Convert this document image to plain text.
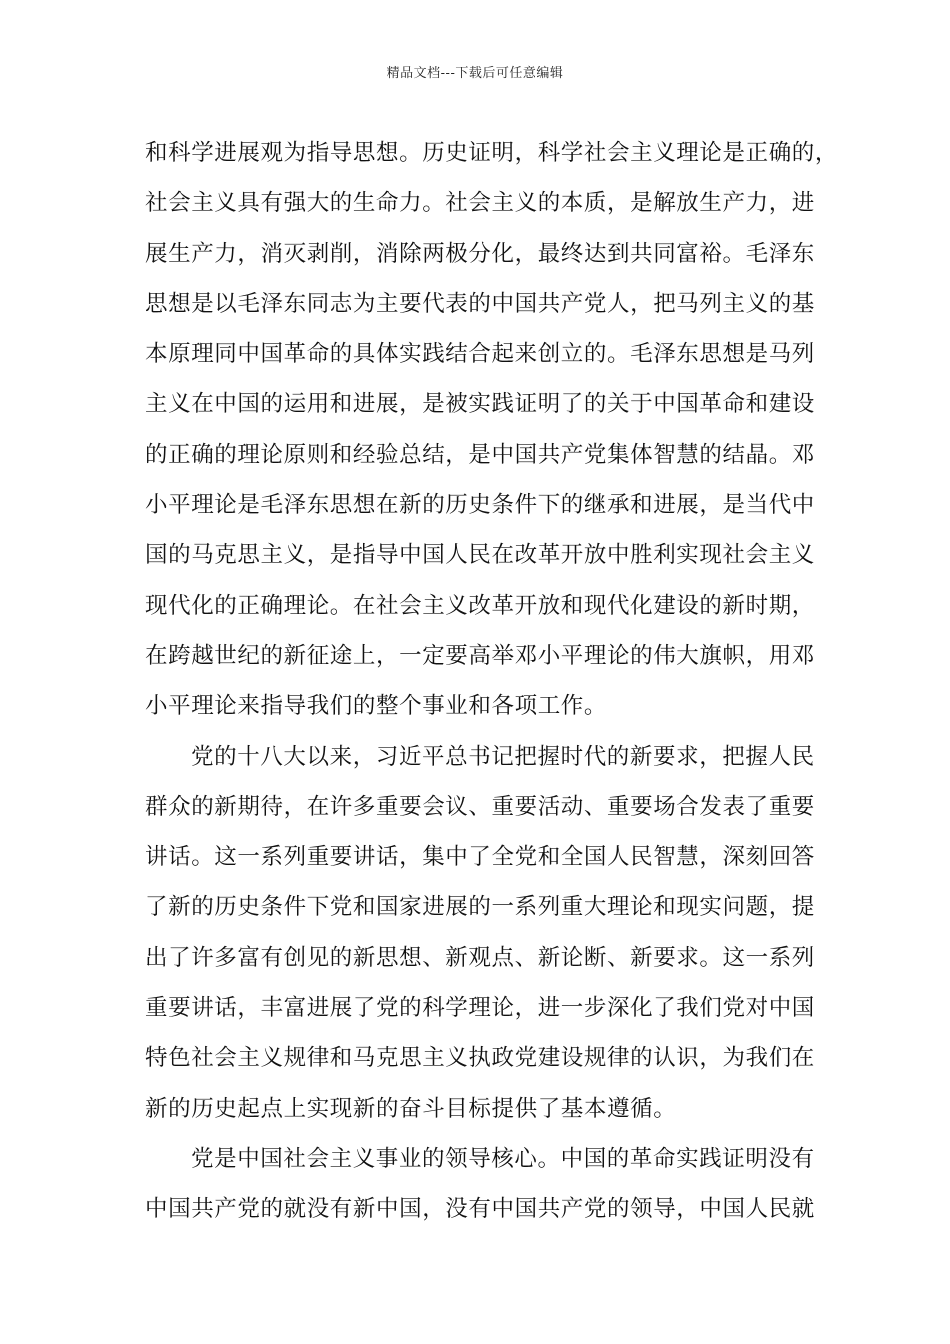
精品文档---下载后可任意编辑
和科学进展观为指导思想。历史证明，科学社会主义理论是正确的，
社会主义具有强大的生命力。社会主义的本质，是解放生产力，进
展生产力，消灭剥削，消除两极分化，最终达到共同富裕。毛泽东
思想是以毛泽东同志为主要代表的中国共产党人，把马列主义的基
本原理同中国革命的具体实践结合起来创立的。毛泽东思想是马列
主义在中国的运用和进展，是被实践证明了的关于中国革命和建设
的正确的理论原则和经验总结，是中国共产党集体智慧的结晶。邓
小平理论是毛泽东思想在新的历史条件下的继承和进展，是当代中
国的马克思主义，是指导中国人民在改革开放中胜利实现社会主义
现代化的正确理论。在社会主义改革开放和现代化建设的新时期，
在跨越世纪的新征途上，一定要高举邓小平理论的伟大旗帜，用邓
小平理论来指导我们的整个事业和各项工作。
党的十八大以来，习近平总书记把握时代的新要求，把握人民
群众的新期待，在许多重要会议、重要活动、重要场合发表了重要
讲话。这一系列重要讲话，集中了全党和全国人民智慧，深刻回答
了新的历史条件下党和国家进展的一系列重大理论和现实问题，提
出了许多富有创见的新思想、新观点、新论断、新要求。这一系列
重要讲话，丰富进展了党的科学理论，进一步深化了我们党对中国
特色社会主义规律和马克思主义执政党建设规律的认识，为我们在
新的历史起点上实现新的奋斗目标提供了基本遵循。
党是中国社会主义事业的领导核心。中国的革命实践证明没有
中国共产党的就没有新中国，没有中国共产党的领导，中国人民就
